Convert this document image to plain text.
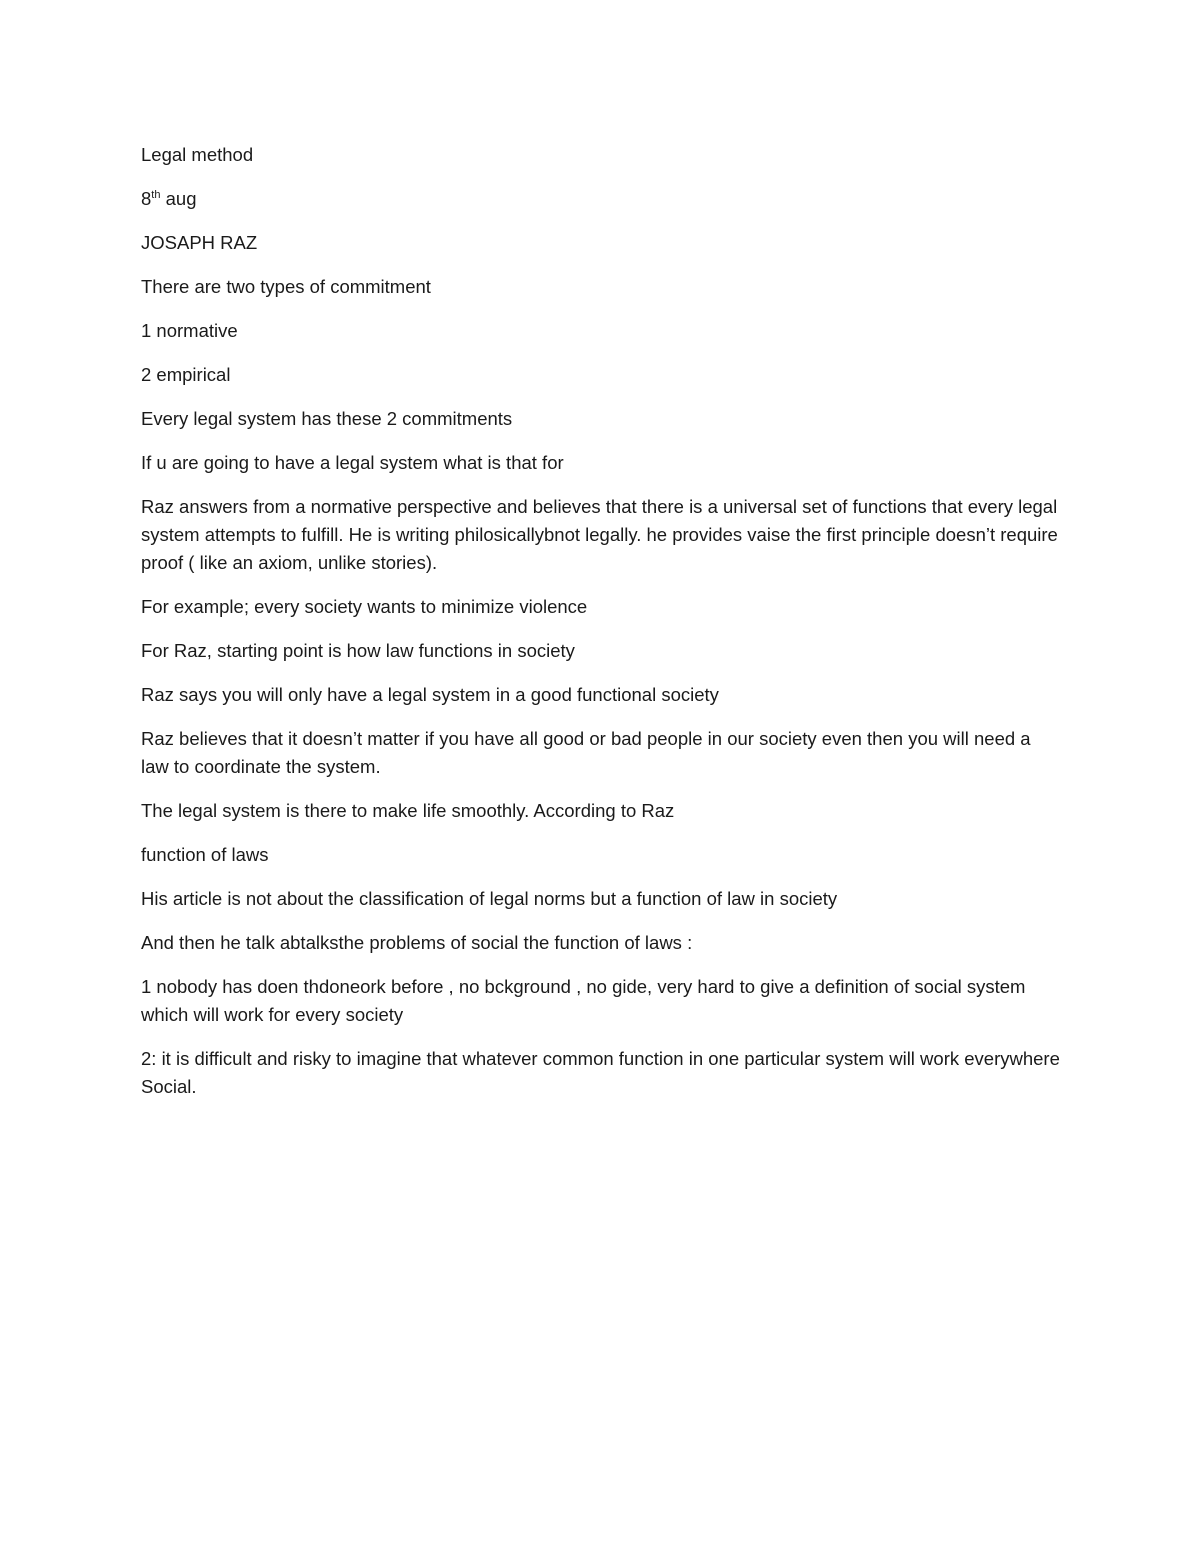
Legal method

8th aug

JOSAPH RAZ

There are two types of commitment

1 normative

2 empirical

Every legal system has these 2 commitments

If u are going to have a legal system what is that for

Raz answers from a normative perspective and believes that there is a universal set of functions that every legal system attempts to fulfill. He is writing philosicallybnot legally. he provides vaise the first principle doesn’t require proof ( like an axiom, unlike stories).

For example; every society wants to minimize violence

For Raz, starting point is how law functions in society

Raz says you will only have a legal system in a good functional society

Raz believes that it doesn’t matter if you have all good or bad people in our society even then you will need a law to coordinate the system.

The legal system is there to make life smoothly. According to Raz

function of laws

His article is not about the classification of legal norms but a function of law in society

And then he talk abtalksthe problems of social the function of laws :

1 nobody has doen thdoneork before , no bckground , no gide, very hard to give a definition of social system which will work for every society

2: it is difficult and risky to imagine that whatever common function in one particular system will work everywhere Social.
